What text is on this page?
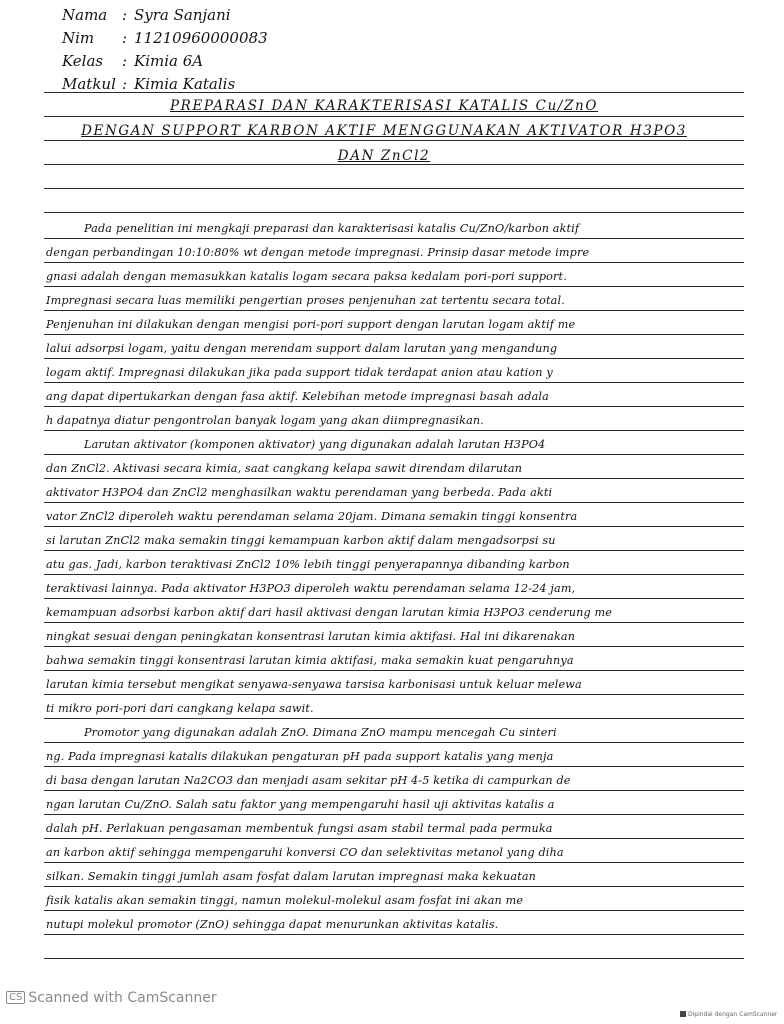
Nama : Syra Sanjani
Nim : 11210960000083
Kelas : Kimia 6A
Matkul : Kimia Katalis
PREPARASI DAN KARAKTERISASI KATALIS Cu/ZnO
DENGAN SUPPORT KARBON AKTIF MENGGUNAKAN AKTIVATOR H3PO3
DAN ZnCl2
Pada penelitian ini mengkaji preparasi dan karakterisasi katalis Cu/ZnO/karbon aktif
dengan perbandingan 10:10:80% wt dengan metode impregnasi. Prinsip dasar metode impre
gnasi adalah dengan memasukkan katalis logam secara paksa kedalam pori-pori support.
Impregnasi secara luas memiliki pengertian proses penjenuhan zat tertentu secara total.
Penjenuhan ini dilakukan dengan mengisi pori-pori support dengan larutan logam aktif me
lalui adsorpsi logam, yaitu dengan merendam support dalam larutan yang mengandung
logam aktif. Impregnasi dilakukan jika pada support tidak terdapat anion atau kation y
ang dapat dipertukarkan dengan fasa aktif. Kelebihan metode impregnasi basah adala
h dapatnya diatur pengontrolan banyak logam yang akan diimpregnasikan.
Larutan aktivator (komponen aktivator) yang digunakan adalah larutan H3PO4
dan ZnCl2. Aktivasi secara kimia, saat cangkang kelapa sawit direndam dilarutan
aktivator H3PO4 dan ZnCl2 menghasilkan waktu perendaman yang berbeda. Pada akti
vator ZnCl2 diperoleh waktu perendaman selama 20jam. Dimana semakin tinggi konsentra
si larutan ZnCl2 maka semakin tinggi kemampuan karbon aktif dalam mengadsorpsi su
atu gas. Jadi, karbon teraktivasi ZnCl2 10% lebih tinggi penyerapannya dibanding karbon
teraktivasi lainnya. Pada aktivator H3PO3 diperoleh waktu perendaman selama 12-24 jam,
kemampuan adsorbsi karbon aktif dari hasil aktivasi dengan larutan kimia H3PO3 cenderung me
ningkat sesuai dengan peningkatan konsentrasi larutan kimia aktifasi. Hal ini dikarenakan
bahwa semakin tinggi konsentrasi larutan kimia aktifasi, maka semakin kuat pengaruhnya
larutan kimia tersebut mengikat senyawa-senyawa tarsisa karbonisasi untuk keluar melewa
ti mikro pori-pori dari cangkang kelapa sawit.
Promotor yang digunakan adalah ZnO. Dimana ZnO mampu mencegah Cu sinteri
ng. Pada impregnasi katalis dilakukan pengaturan pH pada support katalis yang menja
di basa dengan larutan Na2CO3 dan menjadi asam sekitar pH 4-5 ketika di campurkan de
ngan larutan Cu/ZnO. Salah satu faktor yang mempengaruhi hasil uji aktivitas katalis a
dalah pH. Perlakuan pengasaman membentuk fungsi asam stabil termal pada permuka
an karbon aktif sehingga mempengaruhi konversi CO dan selektivitas metanol yang diha
silkan. Semakin tinggi jumlah asam fosfat dalam larutan impregnasi maka kekuatan
fisik katalis akan semakin tinggi, namun molekul-molekul asam fosfat ini akan me
nutupi molekul promotor (ZnO) sehingga dapat menurunkan aktivitas katalis.
CS Scanned with CamScanner
Dipindai dengan CamScanner
